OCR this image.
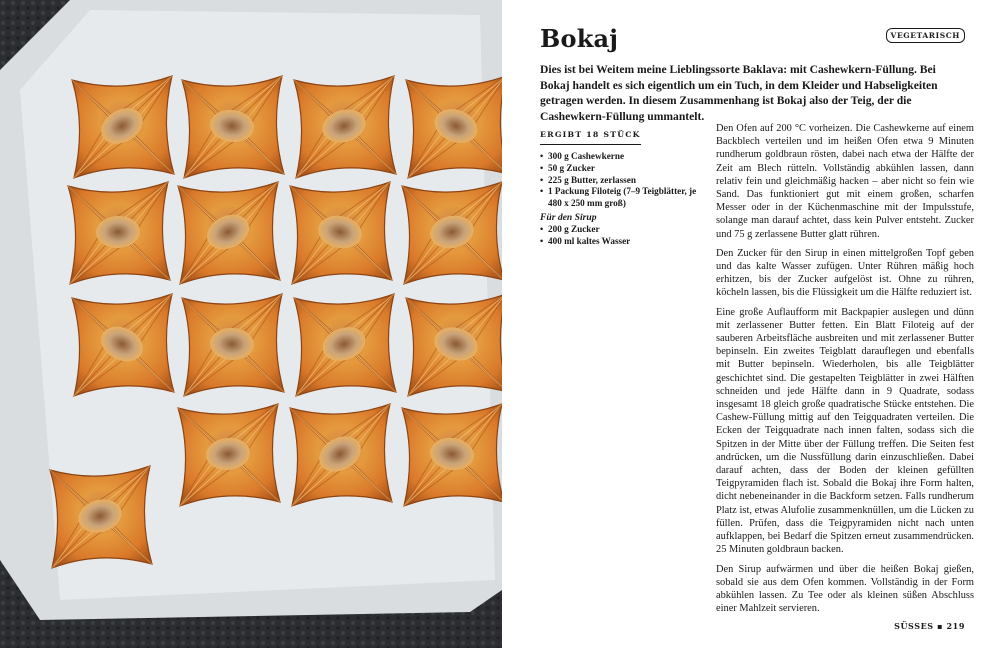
Bokaj	VEGETARISCH

Dies ist bei Weitem meine Lieblingssorte Baklava: mit Cashewkern-Füllung. Bei Bokaj handelt es sich eigentlich um ein Tuch, in dem Kleider und Habseligkeiten getragen werden. In diesem Zusammenhang ist Bokaj also der Teig, der die Cashewkern-Füllung ummantelt.

ERGIBT 18 STÜCK
• 300 g Cashewkerne
• 50 g Zucker
• 225 g Butter, zerlassen
• 1 Packung Filoteig (7–9 Teigblätter, je 480 x 250 mm groß)
Für den Sirup
• 200 g Zucker
• 400 ml kaltes Wasser

Den Ofen auf 200 °C vorheizen. Die Cashewkerne auf einem Backblech verteilen und im heißen Ofen etwa 9 Minuten rundherum goldbraun rösten, dabei nach etwa der Hälfte der Zeit am Blech rütteln. Vollständig abkühlen lassen, dann relativ fein und gleichmäßig hacken – aber nicht so fein wie Sand. Das funktioniert gut mit einem großen, scharfen Messer oder in der Küchenmaschine mit der Impulsstufe, solange man darauf achtet, dass kein Pulver entsteht. Zucker und 75 g zerlassene Butter glatt rühren.

Den Zucker für den Sirup in einen mittelgroßen Topf geben und das kalte Wasser zufügen. Unter Rühren mäßig hoch erhitzen, bis der Zucker aufgelöst ist. Ohne zu rühren, köcheln lassen, bis die Flüssigkeit um die Hälfte reduziert ist.

Eine große Auflaufform mit Backpapier auslegen und dünn mit zerlassener Butter fetten. Ein Blatt Filoteig auf der sauberen Arbeitsfläche ausbreiten und mit zerlassener Butter bepinseln. Ein zweites Teigblatt darauflegen und ebenfalls mit Butter bepinseln. Wiederholen, bis alle Teigblätter geschichtet sind. Die gestapelten Teigblätter in zwei Hälften schneiden und jede Hälfte dann in 9 Quadrate, sodass insgesamt 18 gleich große quadratische Stücke entstehen. Die Cashew-Füllung mittig auf den Teigquadraten verteilen. Die Ecken der Teigquadrate nach innen falten, sodass sich die Spitzen in der Mitte über der Füllung treffen. Die Seiten fest andrücken, um die Nussfüllung darin einzuschließen. Dabei darauf achten, dass der Boden der kleinen gefüllten Teigpyramiden flach ist. Sobald die Bokaj ihre Form halten, dicht nebeneinander in die Backform setzen. Falls rundherum Platz ist, etwas Alufolie zusammenknüllen, um die Lücken zu füllen. Prüfen, dass die Teigpyramiden nicht nach unten aufklappen, bei Bedarf die Spitzen erneut zusammendrücken. 25 Minuten goldbraun backen.

Den Sirup aufwärmen und über die heißen Bokaj gießen, sobald sie aus dem Ofen kommen. Vollständig in der Form abkühlen lassen. Zu Tee oder als kleinen süßen Abschluss einer Mahlzeit servieren.

SÜSSES ▪ 219
